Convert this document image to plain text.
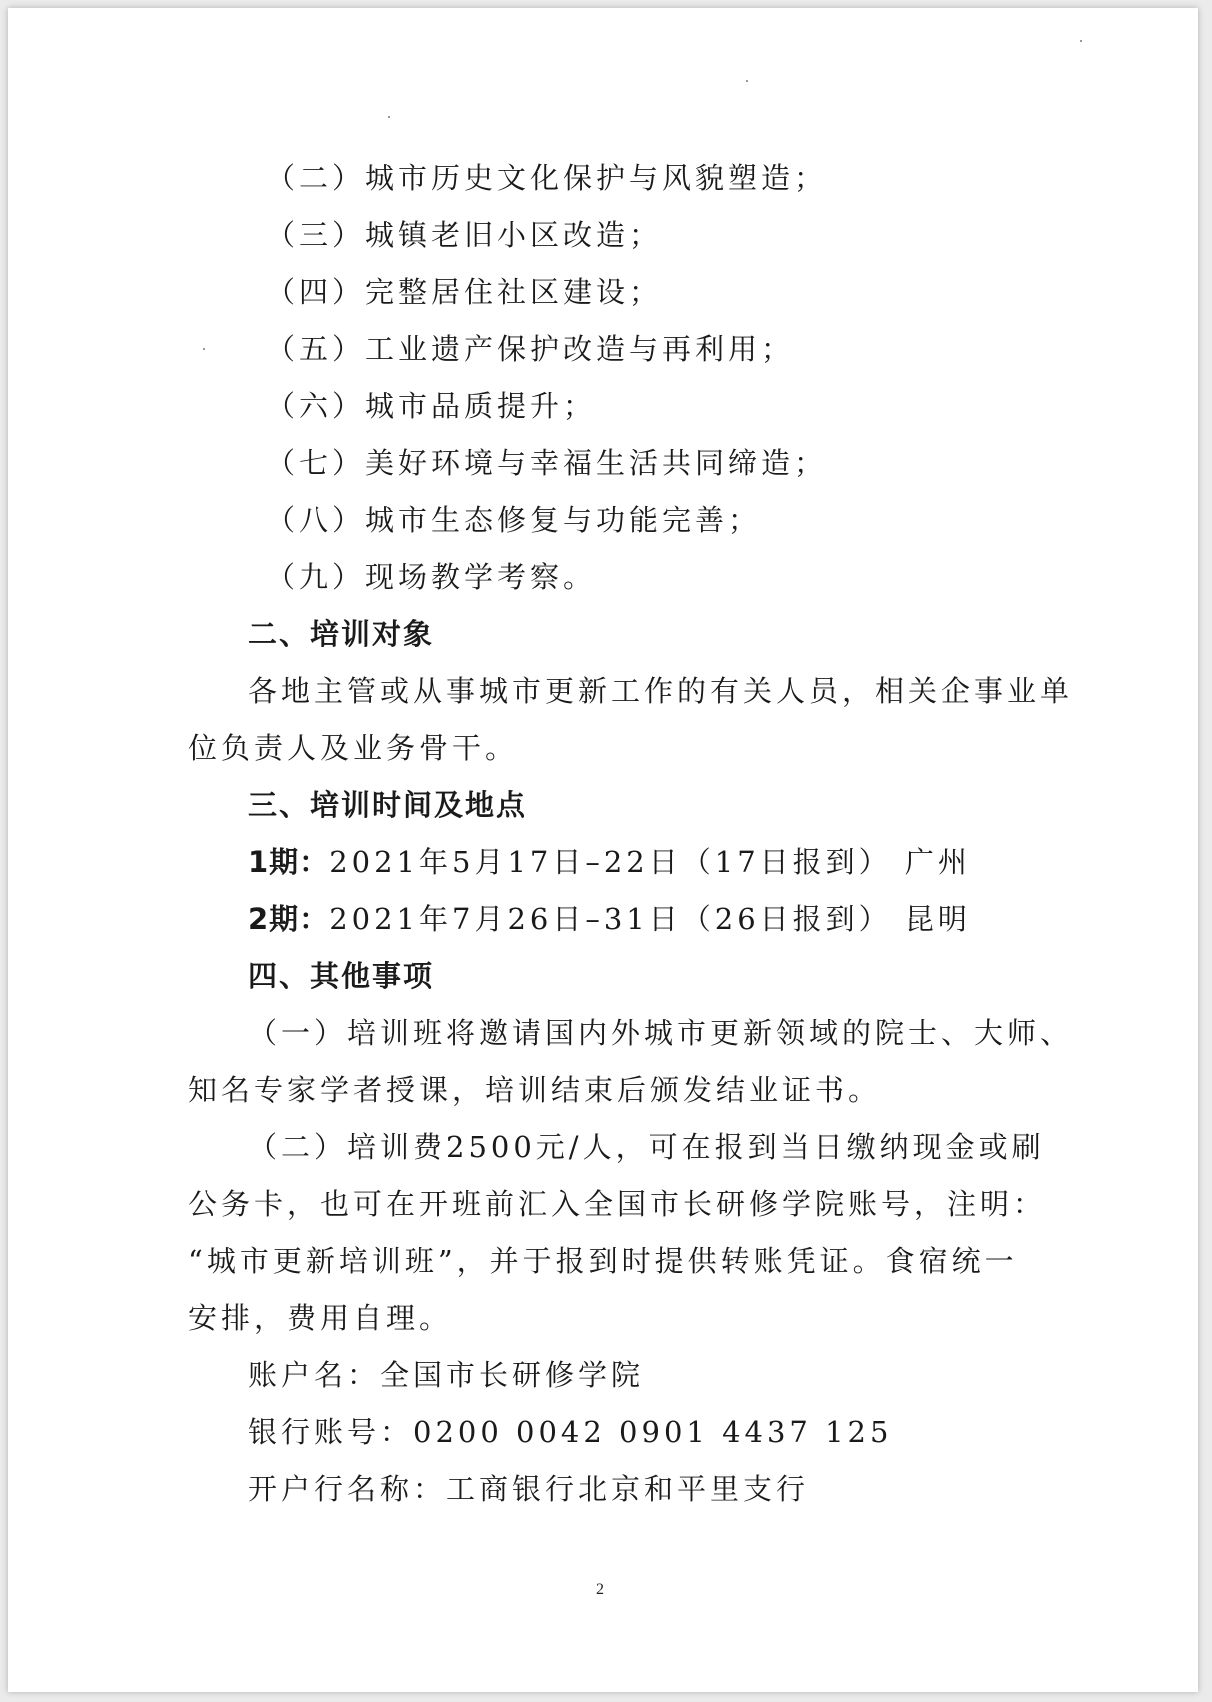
（二）城市历史文化保护与风貌塑造；
（三）城镇老旧小区改造；
（四）完整居住社区建设；
（五）工业遗产保护改造与再利用；
（六）城市品质提升；
（七）美好环境与幸福生活共同缔造；
（八）城市生态修复与功能完善；
（九）现场教学考察。
二、培训对象
各地主管或从事城市更新工作的有关人员，相关企事业单
位负责人及业务骨干。
三、培训时间及地点
1期：2021年5月17日–22日（17日报到） 广州
2期：2021年7月26日–31日（26日报到） 昆明
四、其他事项
（一）培训班将邀请国内外城市更新领域的院士、大师、
知名专家学者授课，培训结束后颁发结业证书。
（二）培训费2500元/人，可在报到当日缴纳现金或刷
公务卡，也可在开班前汇入全国市长研修学院账号，注明：
“城市更新培训班”，并于报到时提供转账凭证。食宿统一
安排，费用自理。
账户名：全国市长研修学院
银行账号：0200 0042 0901 4437 125
开户行名称：工商银行北京和平里支行
2
